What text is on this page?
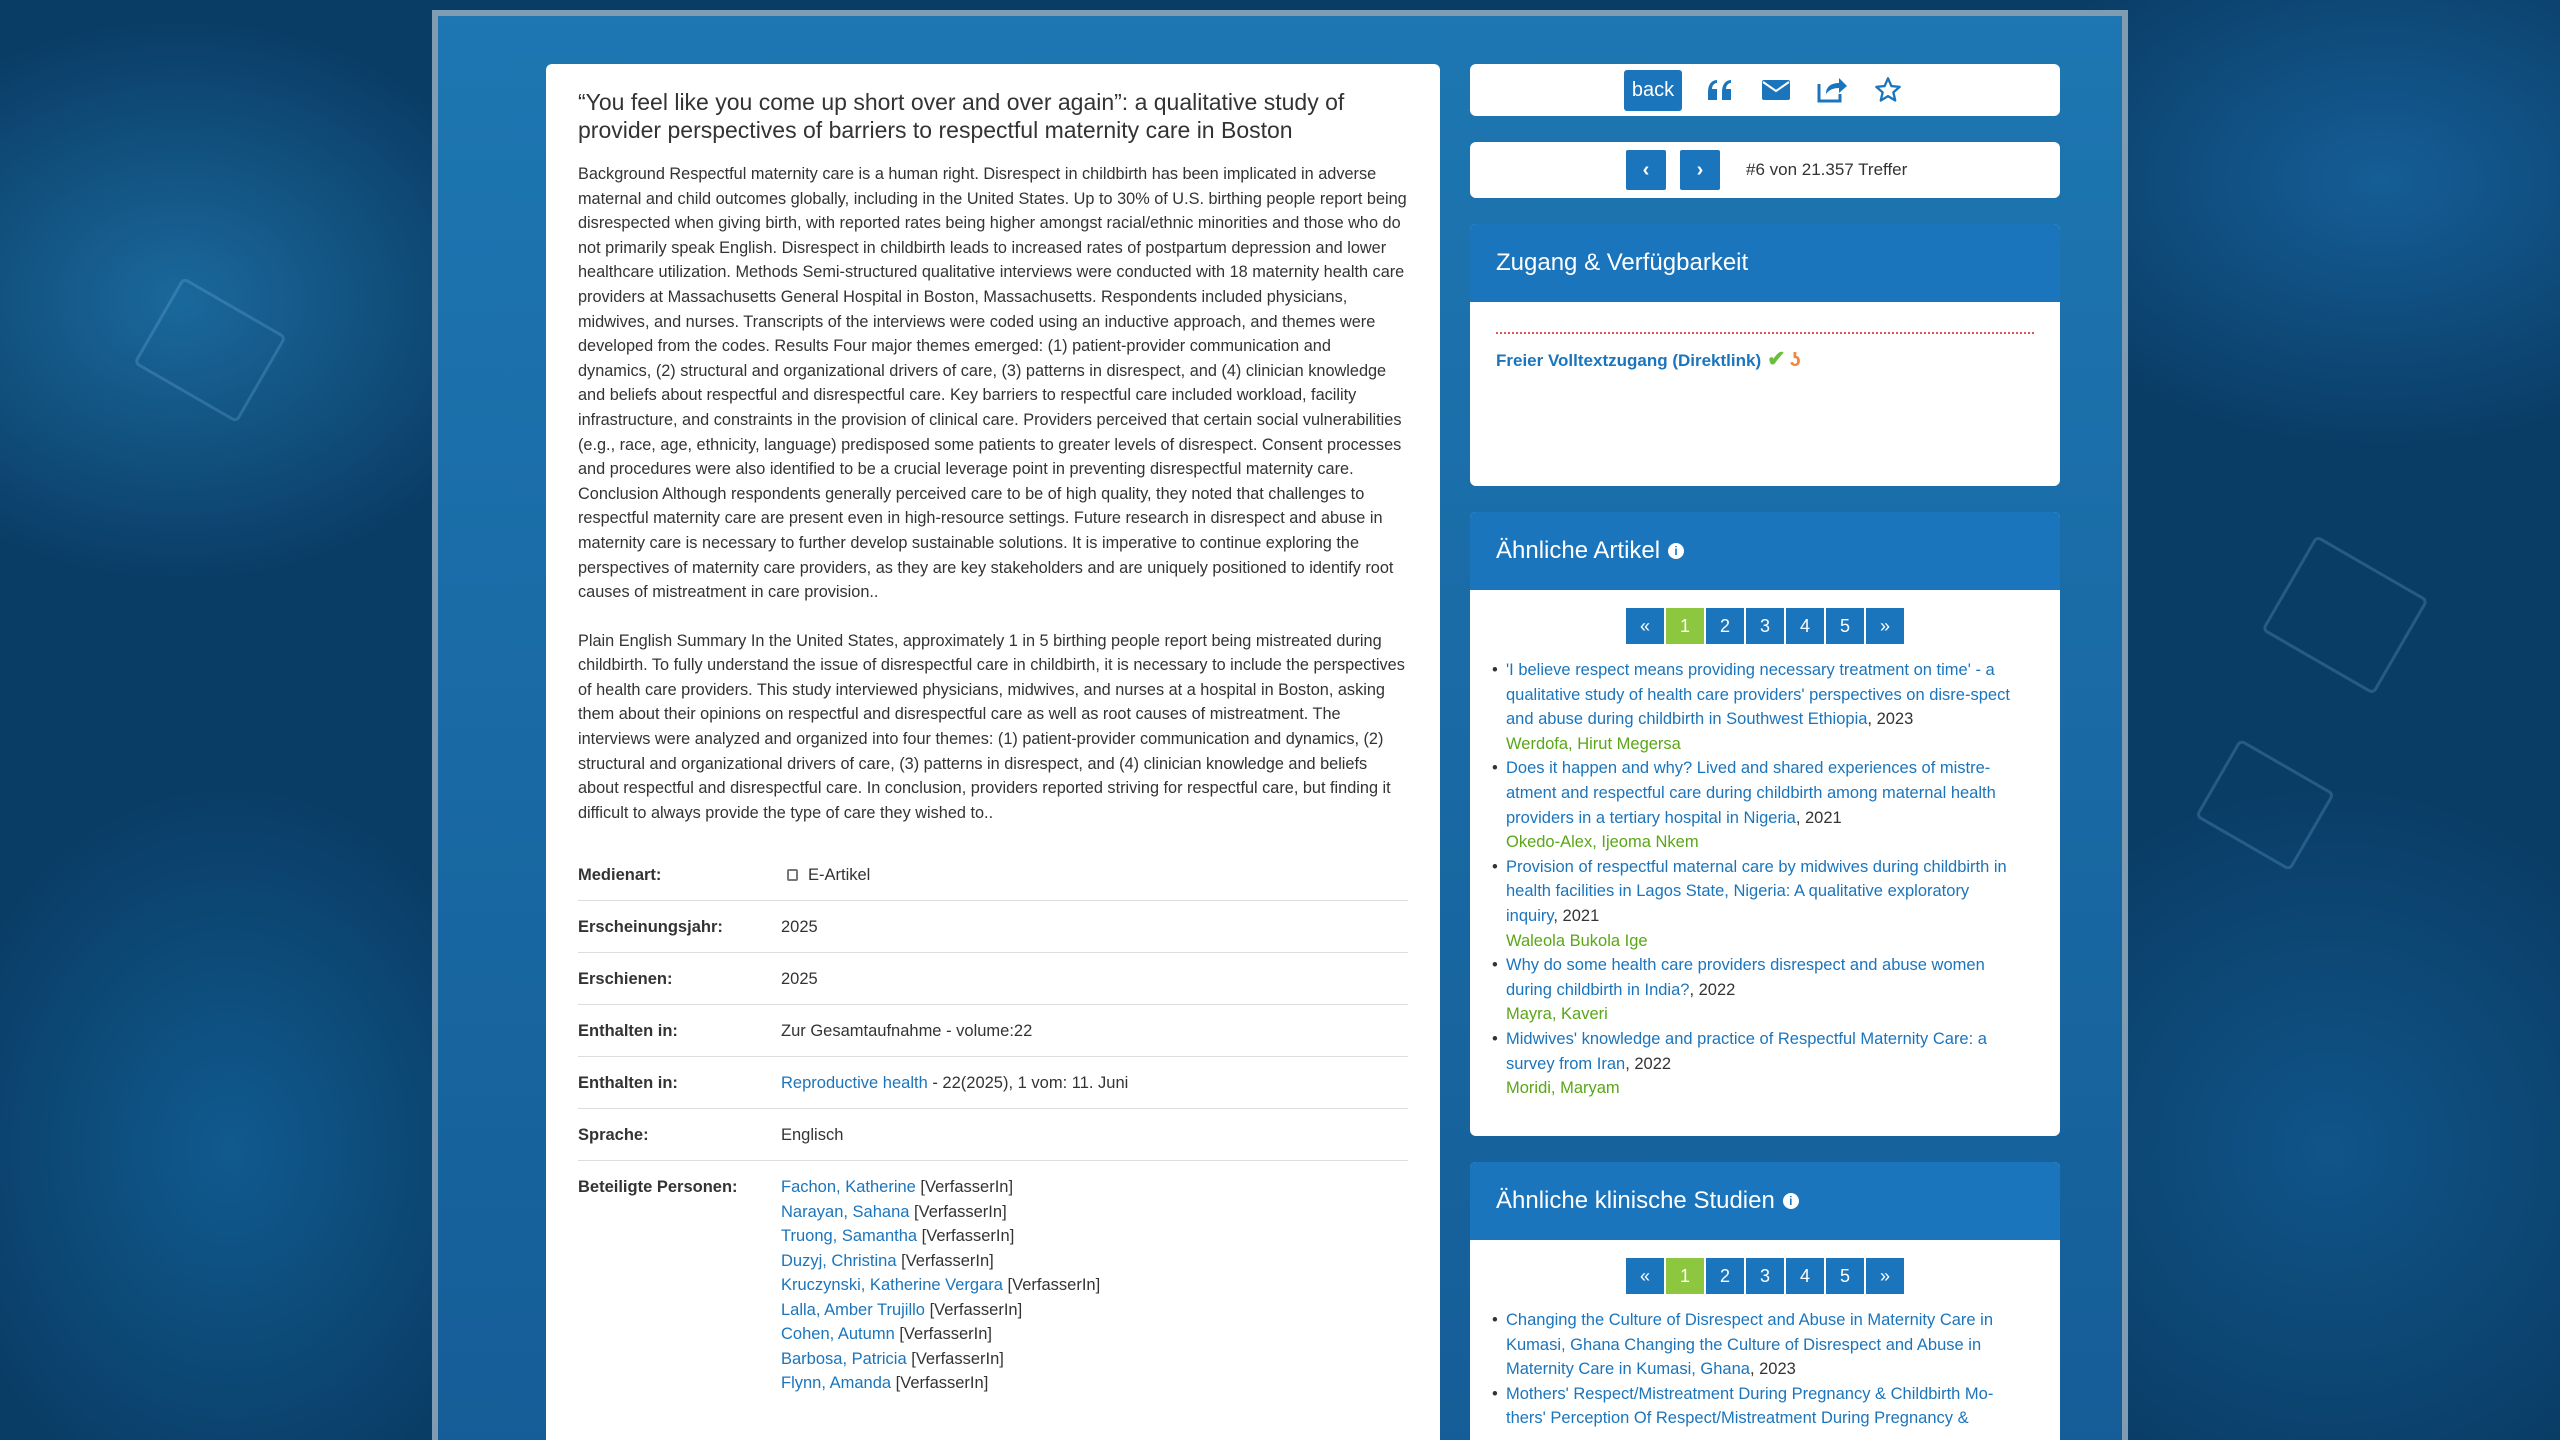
“You feel like you come up short over and over again”: a qualitative study of provider perspectives of barriers to respectful maternity care in Boston

Background Respectful maternity care is a human right. Disrespect in childbirth has been implicated in adverse maternal and child outcomes globally, including in the United States. Up to 30% of U.S. birthing people report being disrespected when giving birth, with reported rates being higher amongst racial/ethnic minorities and those who do not primarily speak English. Disrespect in childbirth leads to increased rates of postpartum depression and lower healthcare utilization. Methods Semi-structured qualitative interviews were conducted with 18 maternity health care providers at Massachusetts General Hospital in Boston, Massachusetts. Respondents included physicians, midwives, and nurses. Transcripts of the interviews were coded using an inductive approach, and themes were developed from the codes. Results Four major themes emerged: (1) patient-provider communication and dynamics, (2) structural and organizational drivers of care, (3) patterns in disrespect, and (4) clinician knowledge and beliefs about respectful and disrespectful care. Key barriers to respectful care included workload, facility infrastructure, and constraints in the provision of clinical care. Providers perceived that certain social vulnerabilities (e.g., race, age, ethnicity, language) predisposed some patients to greater levels of disrespect. Consent processes and procedures were also identified to be a crucial leverage point in preventing disrespectful maternity care. Conclusion Although respondents generally perceived care to be of high quality, they noted that challenges to respectful maternity care are present even in high-resource settings. Future research in disrespect and abuse in maternity care is necessary to further develop sustainable solutions. It is imperative to continue exploring the perspectives of maternity care providers, as they are key stakeholders and are uniquely positioned to identify root causes of mistreatment in care provision..

Plain English Summary In the United States, approximately 1 in 5 birthing people report being mistreated during childbirth. To fully understand the issue of disrespectful care in childbirth, it is necessary to include the perspectives of health care providers. This study interviewed physicians, midwives, and nurses at a hospital in Boston, asking them about their opinions on respectful and disrespectful care as well as root causes of mistreatment. The interviews were analyzed and organized into four themes: (1) patient-provider communication and dynamics, (2) structural and organizational drivers of care, (3) patterns in disrespect, and (4) clinician knowledge and beliefs about respectful and disrespectful care. In conclusion, providers reported striving for respectful care, but finding it difficult to always provide the type of care they wished to..

Medienart:	E-Artikel
Erscheinungsjahr:	2025
Erschienen:	2025
Enthalten in:	Zur Gesamtaufnahme - volume:22
Enthalten in:	Reproductive health - 22(2025), 1 vom: 11. Juni
Sprache:	Englisch
Beteiligte Personen:	Fachon, Katherine [VerfasserIn]
Narayan, Sahana [VerfasserIn]
Truong, Samantha [VerfasserIn]
Duzyj, Christina [VerfasserIn]
Kruczynski, Katherine Vergara [VerfasserIn]
Lalla, Amber Trujillo [VerfasserIn]
Cohen, Autumn [VerfasserIn]
Barbosa, Patricia [VerfasserIn]
Flynn, Amanda [VerfasserIn]
back
‹	›	#6 von 21.357 Treffer
Zugang & Verfügbarkeit
Freier Volltextzugang (Direktlink) ✔ ʖ
Ähnliche Artikel	i
«	1	2	3	4	5	»
• 'I believe respect means providing necessary treatment on time' - a qualitative study of health care providers' perspectives on disre-spect and abuse during childbirth in Southwest Ethiopia, 2023
Werdofa, Hirut Megersa
• Does it happen and why? Lived and shared experiences of mistre-atment and respectful care during childbirth among maternal health providers in a tertiary hospital in Nigeria, 2021
Okedo-Alex, Ijeoma Nkem
• Provision of respectful maternal care by midwives during childbirth in health facilities in Lagos State, Nigeria: A qualitative exploratory inquiry, 2021
Waleola Bukola Ige
• Why do some health care providers disrespect and abuse women during childbirth in India?, 2022
Mayra, Kaveri
• Midwives' knowledge and practice of Respectful Maternity Care: a survey from Iran, 2022
Moridi, Maryam
Ähnliche klinische Studien	i
«	1	2	3	4	5	»
• Changing the Culture of Disrespect and Abuse in Maternity Care in Kumasi, Ghana Changing the Culture of Disrespect and Abuse in Maternity Care in Kumasi, Ghana, 2023
• Mothers' Respect/Mistreatment During Pregnancy & Childbirth Mo-thers' Perception Of Respect/Mistreatment During Pregnancy &
